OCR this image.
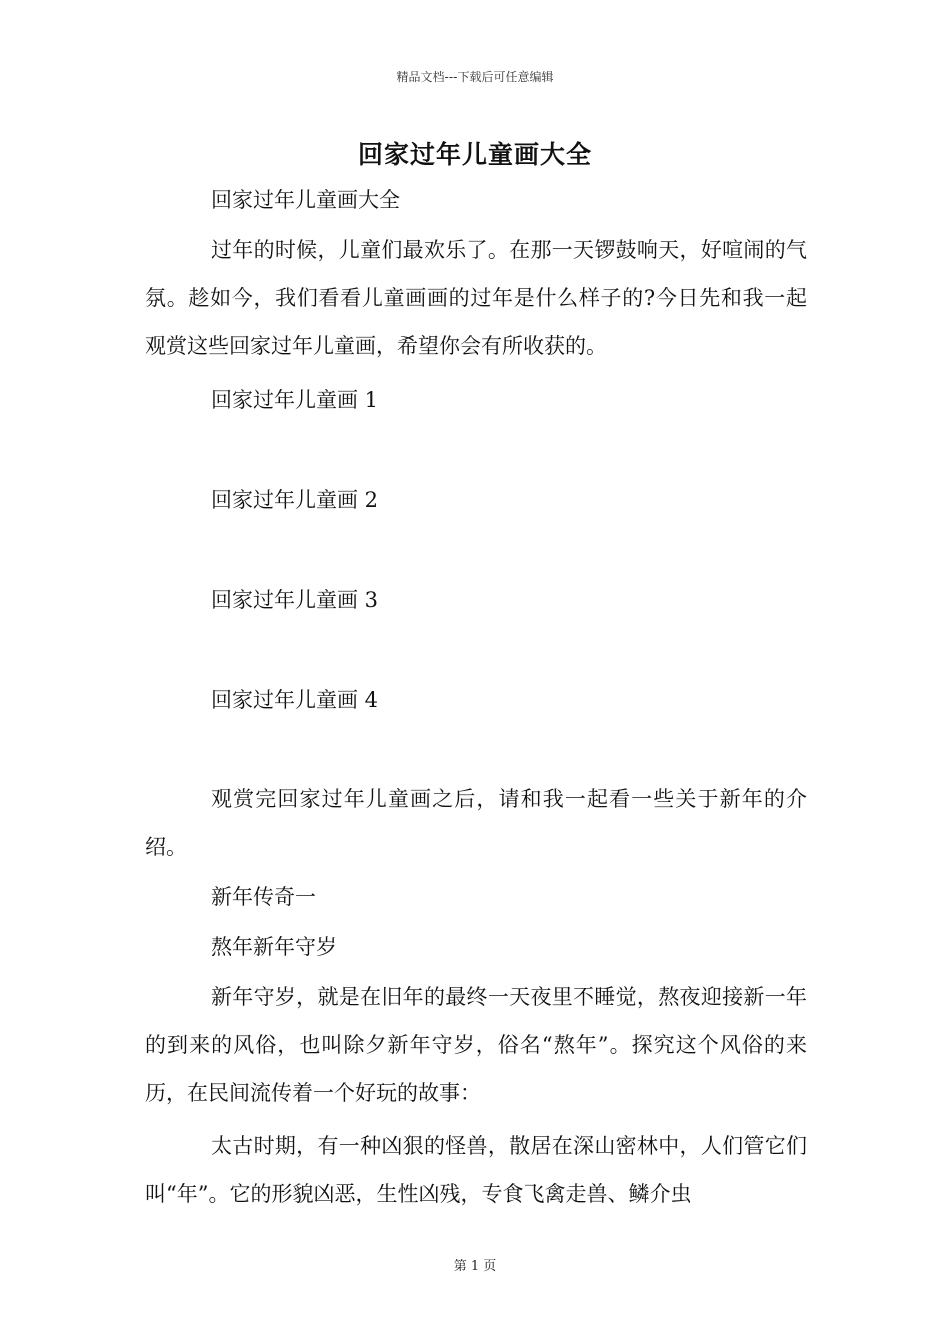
精品文档---下载后可任意编辑
回家过年儿童画大全

回家过年儿童画大全

过年的时候，儿童们最欢乐了。在那一天锣鼓响天，好喧闹的气氛。趁如今，我们看看儿童画画的过年是什么样子的?今日先和我一起观赏这些回家过年儿童画，希望你会有所收获的。

回家过年儿童画 1

回家过年儿童画 2

回家过年儿童画 3

回家过年儿童画 4

观赏完回家过年儿童画之后，请和我一起看一些关于新年的介绍。

新年传奇一

熬年新年守岁

新年守岁，就是在旧年的最终一天夜里不睡觉，熬夜迎接新一年的到来的风俗，也叫除夕新年守岁，俗名“熬年”。探究这个风俗的来历，在民间流传着一个好玩的故事：

太古时期，有一种凶狠的怪兽，散居在深山密林中，人们管它们叫“年”。它的形貌凶恶，生性凶残，专食飞禽走兽、鳞介虫

第 1 页
